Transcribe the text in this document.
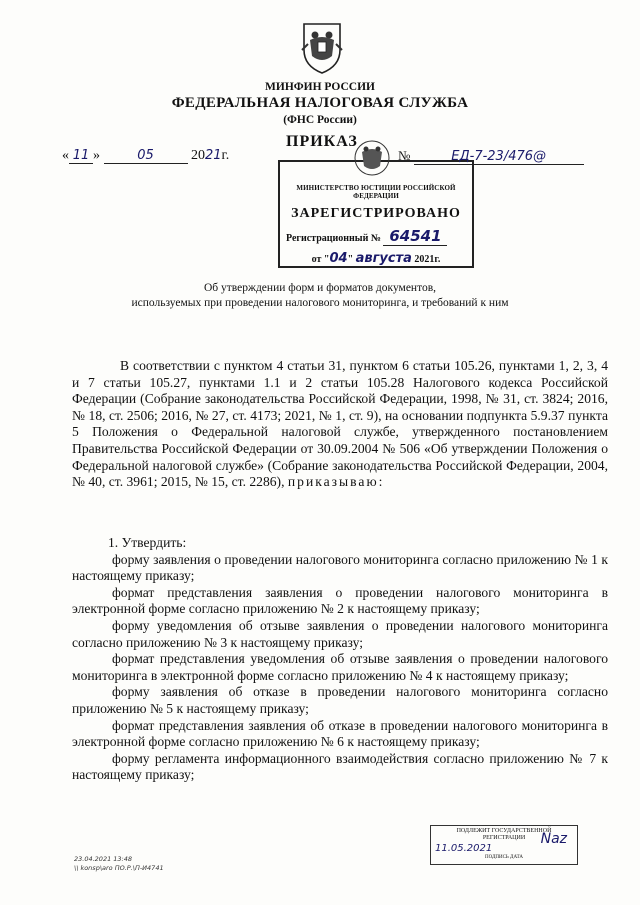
МИНФИН РОССИИ
ФЕДЕРАЛЬНАЯ НАЛОГОВАЯ СЛУЖБА
(ФНС России)
« 11 »	05	2021г.
МИНИСТЕРСТВО ЮСТИЦИИ РОССИЙСКОЙ ФЕДЕРАЦИИ
ЗАРЕГИСТРИРОВАНО
Регистрационный № 64541
от "04" августа 2021г.
ПРИКАЗ
№	ЕД-7-23/476@
Об утверждении форм и форматов документов,
используемых при проведении налогового мониторинга, и требований к ним
В соответствии с пунктом 4 статьи 31, пунктом 6 статьи 105.26, пунктами 1, 2, 3, 4 и 7 статьи 105.27, пунктами 1.1 и 2 статьи 105.28 Налогового кодекса Российской Федерации (Собрание законодательства Российской Федерации, 1998, № 31, ст. 3824; 2016, № 18, ст. 2506; 2016, № 27, ст. 4173; 2021, № 1, ст. 9), на основании подпункта 5.9.37 пункта 5 Положения о Федеральной налоговой службе, утвержденного постановлением Правительства Российской Федерации от 30.09.2004 № 506 «Об утверждении Положения о Федеральной налоговой службе» (Собрание законодательства Российской Федерации, 2004, № 40, ст. 3961; 2015, № 15, ст. 2286), приказываю:

1. Утвердить:

форму заявления о проведении налогового мониторинга согласно приложению № 1 к настоящему приказу;

формат представления заявления о проведении налогового мониторинга в электронной форме согласно приложению № 2 к настоящему приказу;

форму уведомления об отзыве заявления о проведении налогового мониторинга согласно приложению № 3 к настоящему приказу;

формат представления уведомления об отзыве заявления о проведении налогового мониторинга в электронной форме согласно приложению № 4 к настоящему приказу;

форму заявления об отказе в проведении налогового мониторинга согласно приложению № 5 к настоящему приказу;

формат представления заявления об отказе в проведении налогового мониторинга в электронной форме согласно приложению № 6 к настоящему приказу;

форму регламента информационного взаимодействия согласно приложению № 7 к настоящему приказу;

23.04.2021 13:48
\\ konsp\aro ПО.Р.\П-И4741
ПОДЛЕЖИТ ГОСУДАРСТВЕННОЙ
РЕГИСТРАЦИИ
11.05.2021
Naz
ПОДПИСЬ ДАТА
